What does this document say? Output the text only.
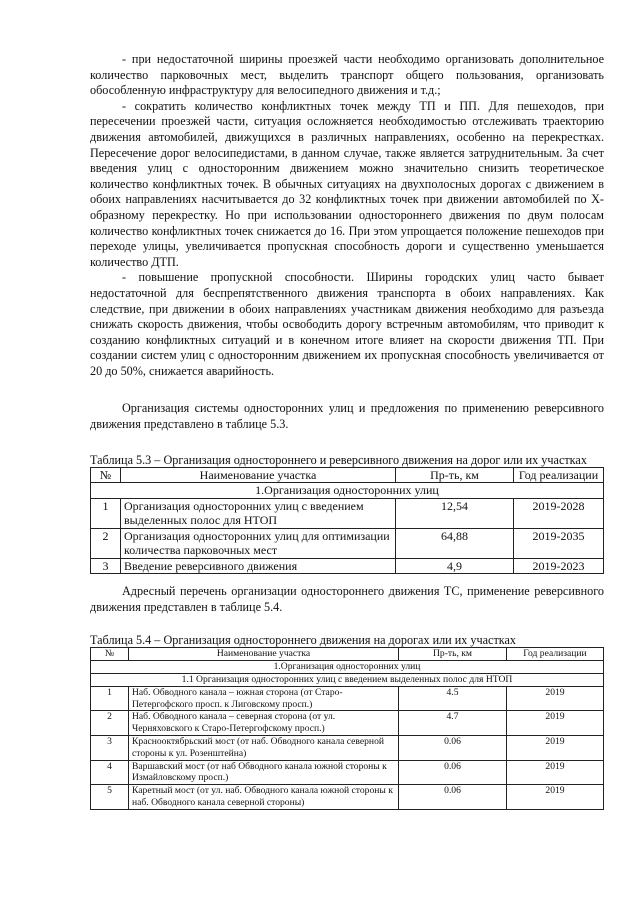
- при недостаточной ширины проезжей части необходимо организовать дополнительное количество парковочных мест, выделить транспорт общего пользования, организовать обособленную инфраструктуру для велосипедного движения и т.д.;

- сократить количество конфликтных точек между ТП и ПП. Для пешеходов, при пересечении проезжей части, ситуация осложняется необходимостью отслеживать траекторию движения автомобилей, движущихся в различных направлениях, особенно на перекрестках. Пересечение дорог велосипедистами, в данном случае, также является затруднительным. За счет введения улиц с односторонним движением можно значительно снизить теоретическое количество конфликтных точек. В обычных ситуациях на двухполосных дорогах с движением в обоих направлениях насчитывается до 32 конфликтных точек при движении автомобилей по Х- образному перекрестку. Но при использовании одностороннего движения по двум полосам количество конфликтных точек снижается до 16. При этом упрощается положение пешеходов при переходе улицы, увеличивается пропускная способность дороги и существенно уменьшается количество ДТП.

- повышение пропускной способности. Ширины городских улиц часто бывает недостаточной для беспрепятственного движения транспорта в обоих направлениях. Как следствие, при движении в обоих направлениях участникам движения необходимо для разъезда снижать скорость движения, чтобы освободить дорогу встречным автомобилям, что приводит к созданию конфликтных ситуаций и в конечном итоге влияет на скорости движения ТП. При создании систем улиц с односторонним движением их пропускная способность увеличивается от 20 до 50%, снижается аварийность.

Организация системы односторонних улиц и предложения по применению реверсивного движения представлено в таблице 5.3.

Таблица 5.3 – Организация одностороннего и реверсивного движения на дорог или их участках

№	Наименование участка	Пр-ть, км	Год реализации
1.Организация односторонних улиц			
1	Организация односторонних улиц с введением выделенных полос для НТОП	12,54	2019-2028
2	Организация односторонних улиц для оптимизации количества парковочных мест	64,88	2019-2035
3	Введение реверсивного движения	4,9	2019-2023

Адресный перечень организации одностороннего движения ТС, применение реверсивного движения представлен в таблице 5.4.

Таблица 5.4 – Организация одностороннего движения на дорогах или их участках

№	Наименование участка	Пр-ть, км	Год реализации
1.Организация односторонних улиц			
1.1 Организация односторонних улиц с введением выделенных полос для НТОП			
1	Наб. Обводного канала – южная сторона (от Старо-Петергофского просп. к Лиговскому просп.)	4.5	2019
2	Наб. Обводного канала – северная сторона (от ул. Черняховского к Старо-Петергофскому просп.)	4.7	2019
3	Краснооктябрьский мост (от наб. Обводного канала северной стороны к ул. Розенштейна)	0.06	2019
4	Варшавский мост (от наб Обводного канала южной стороны к Измайловскому просп.)	0.06	2019
5	Каретный мост (от ул. наб. Обводного канала южной стороны к наб. Обводного канала северной стороны)	0.06	2019
